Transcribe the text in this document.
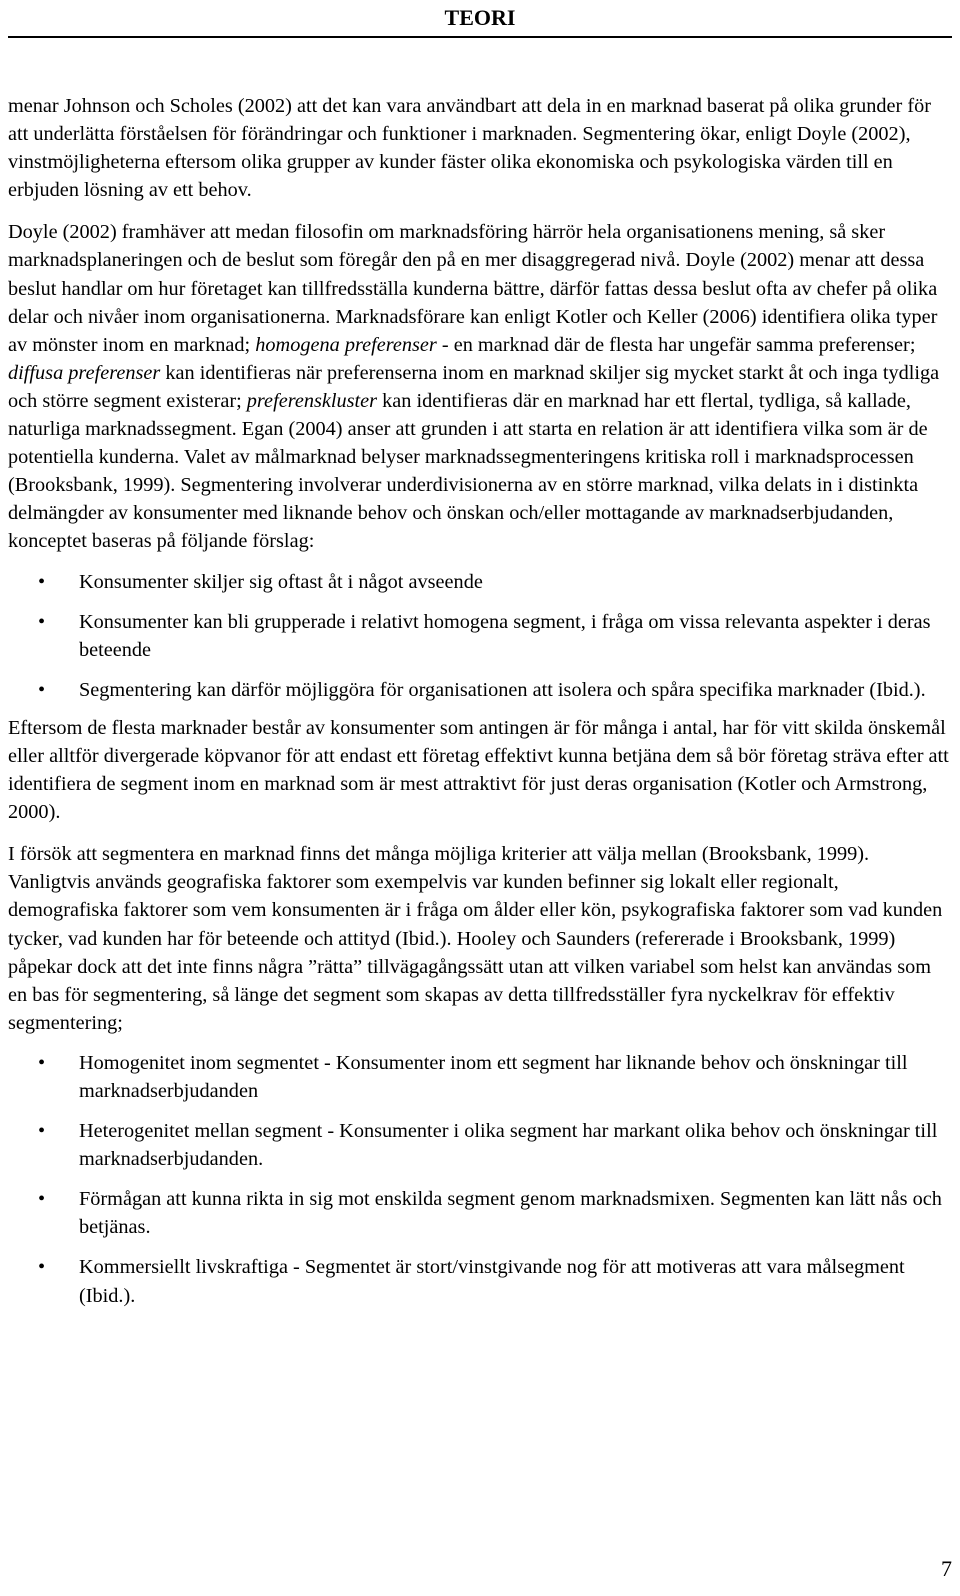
TEORI

menar Johnson och Scholes (2002) att det kan vara användbart att dela in en marknad baserat på olika grunder för att underlätta förståelsen för förändringar och funktioner i marknaden. Segmentering ökar, enligt Doyle (2002), vinstmöjligheterna eftersom olika grupper av kunder fäster olika ekonomiska och psykologiska värden till en erbjuden lösning av ett behov.

Doyle (2002) framhäver att medan filosofin om marknadsföring härrör hela organisationens mening, så sker marknadsplaneringen och de beslut som föregår den på en mer disaggregerad nivå. Doyle (2002) menar att dessa beslut handlar om hur företaget kan tillfredsställa kunderna bättre, därför fattas dessa beslut ofta av chefer på olika delar och nivåer inom organisationerna. Marknadsförare kan enligt Kotler och Keller (2006) identifiera olika typer av mönster inom en marknad; homogena preferenser - en marknad där de flesta har ungefär samma preferenser; diffusa preferenser kan identifieras när preferenserna inom en marknad skiljer sig mycket starkt åt och inga tydliga och större segment existerar; preferenskluster kan identifieras där en marknad har ett flertal, tydliga, så kallade, naturliga marknadssegment. Egan (2004) anser att grunden i att starta en relation är att identifiera vilka som är de potentiella kunderna. Valet av målmarknad belyser marknadssegmenteringens kritiska roll i marknadsprocessen (Brooksbank, 1999). Segmentering involverar underdivisionerna av en större marknad, vilka delats in i distinkta delmängder av konsumenter med liknande behov och önskan och/eller mottagande av marknadserbjudanden, konceptet baseras på följande förslag:

• Konsumenter skiljer sig oftast åt i något avseende
• Konsumenter kan bli grupperade i relativt homogena segment, i fråga om vissa relevanta aspekter i deras beteende
• Segmentering kan därför möjliggöra för organisationen att isolera och spåra specifika marknader (Ibid.).

Eftersom de flesta marknader består av konsumenter som antingen är för många i antal, har för vitt skilda önskemål eller alltför divergerade köpvanor för att endast ett företag effektivt kunna betjäna dem så bör företag sträva efter att identifiera de segment inom en marknad som är mest attraktivt för just deras organisation (Kotler och Armstrong, 2000).

I försök att segmentera en marknad finns det många möjliga kriterier att välja mellan (Brooksbank, 1999). Vanligtvis används geografiska faktorer som exempelvis var kunden befinner sig lokalt eller regionalt, demografiska faktorer som vem konsumenten är i fråga om ålder eller kön, psykografiska faktorer som vad kunden tycker, vad kunden har för beteende och attityd (Ibid.). Hooley och Saunders (refererade i Brooksbank, 1999) påpekar dock att det inte finns några ”rätta” tillvägagångssätt utan att vilken variabel som helst kan användas som en bas för segmentering, så länge det segment som skapas av detta tillfredsställer fyra nyckelkrav för effektiv segmentering;

• Homogenitet inom segmentet - Konsumenter inom ett segment har liknande behov och önskningar till marknadserbjudanden
• Heterogenitet mellan segment - Konsumenter i olika segment har markant olika behov och önskningar till marknadserbjudanden.
• Förmågan att kunna rikta in sig mot enskilda segment genom marknadsmixen. Segmenten kan lätt nås och betjänas.
• Kommersiellt livskraftiga - Segmentet är stort/vinstgivande nog för att motiveras att vara målsegment (Ibid.).
7
